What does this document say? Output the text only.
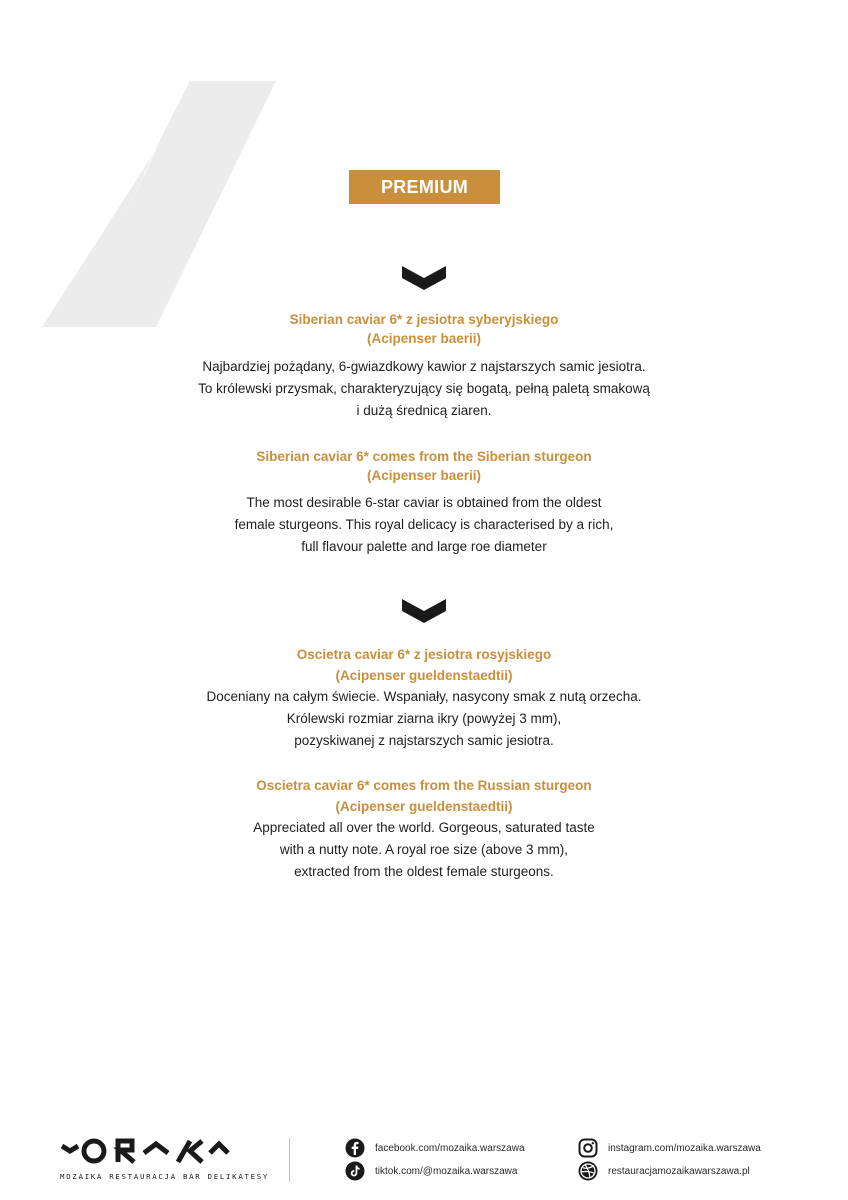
PREMIUM
Siberian caviar 6* z jesiotra syberyjskiego
(Acipenser baerii)
Najbardziej pożądany, 6-gwiazdkowy kawior z najstarszych samic jesiotra.
To królewski przysmak, charakteryzujący się bogatą, pełną paletą smakową
i dużą średnicą ziaren.
Siberian caviar 6* comes from the Siberian sturgeon
(Acipenser baerii)
The most desirable 6-star caviar is obtained from the oldest
female sturgeons. This royal delicacy is characterised by a rich,
full flavour palette and large roe diameter
Oscietra caviar 6* z jesiotra rosyjskiego
(Acipenser gueldenstaedtii)
Doceniany na całym świecie. Wspaniały, nasycony smak z nutą orzecha.
Królewski rozmiar ziarna ikry (powyżej 3 mm),
pozyskiwanej z najstarszych samic jesiotra.
Oscietra caviar 6* comes from the Russian sturgeon
(Acipenser gueldenstaedtii)
Appreciated all over the world. Gorgeous, saturated taste
with a nutty note. A royal roe size (above 3 mm),
extracted from the oldest female sturgeons.
MOZAIKA RESTAURACJA BAR DELIKATESY
facebook.com/mozaika.warszawa
tiktok.com/@mozaika.warszawa
instagram.com/mozaika.warszawa
restauracjamozaikawarszawa.pl
